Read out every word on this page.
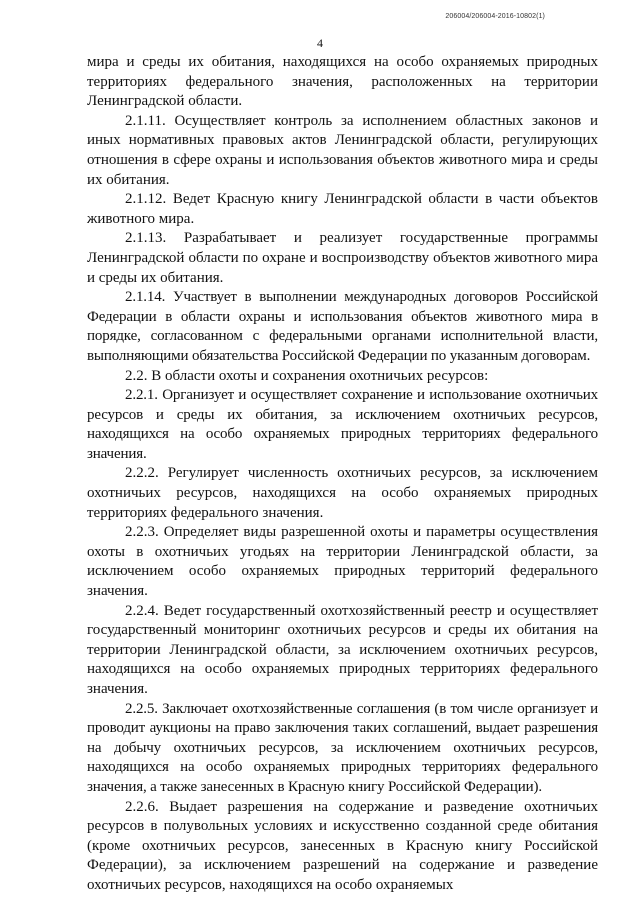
206004/206004-2016-10802(1)
4

мира и среды их обитания, находящихся на особо охраняемых природных территориях федерального значения, расположенных на территории Ленинградской области.

2.1.11. Осуществляет контроль за исполнением областных законов и иных нормативных правовых актов Ленинградской области, регулирующих отношения в сфере охраны и использования объектов животного мира и среды их обитания.

2.1.12. Ведет Красную книгу Ленинградской области в части объектов животного мира.

2.1.13. Разрабатывает и реализует государственные программы Ленинградской области по охране и воспроизводству объектов животного мира и среды их обитания.

2.1.14. Участвует в выполнении международных договоров Российской Федерации в области охраны и использования объектов животного мира в порядке, согласованном с федеральными органами исполнительной власти, выполняющими обязательства Российской Федерации по указанным договорам.

2.2. В области охоты и сохранения охотничьих ресурсов:

2.2.1. Организует и осуществляет сохранение и использование охотничьих ресурсов и среды их обитания, за исключением охотничьих ресурсов, находящихся на особо охраняемых природных территориях федерального значения.

2.2.2. Регулирует численность охотничьих ресурсов, за исключением охотничьих ресурсов, находящихся на особо охраняемых природных территориях федерального значения.

2.2.3. Определяет виды разрешенной охоты и параметры осуществления охоты в охотничьих угодьях на территории Ленинградской области, за исключением особо охраняемых природных территорий федерального значения.

2.2.4. Ведет государственный охотхозяйственный реестр и осуществляет государственный мониторинг охотничьих ресурсов и среды их обитания на территории Ленинградской области, за исключением охотничьих ресурсов, находящихся на особо охраняемых природных территориях федерального значения.

2.2.5. Заключает охотхозяйственные соглашения (в том числе организует и проводит аукционы на право заключения таких соглашений, выдает разрешения на добычу охотничьих ресурсов, за исключением охотничьих ресурсов, находящихся на особо охраняемых природных территориях федерального значения, а также занесенных в Красную книгу Российской Федерации).

2.2.6. Выдает разрешения на содержание и разведение охотничьих ресурсов в полувольных условиях и искусственно созданной среде обитания (кроме охотничьих ресурсов, занесенных в Красную книгу Российской Федерации), за исключением разрешений на содержание и разведение охотничьих ресурсов, находящихся на особо охраняемых
